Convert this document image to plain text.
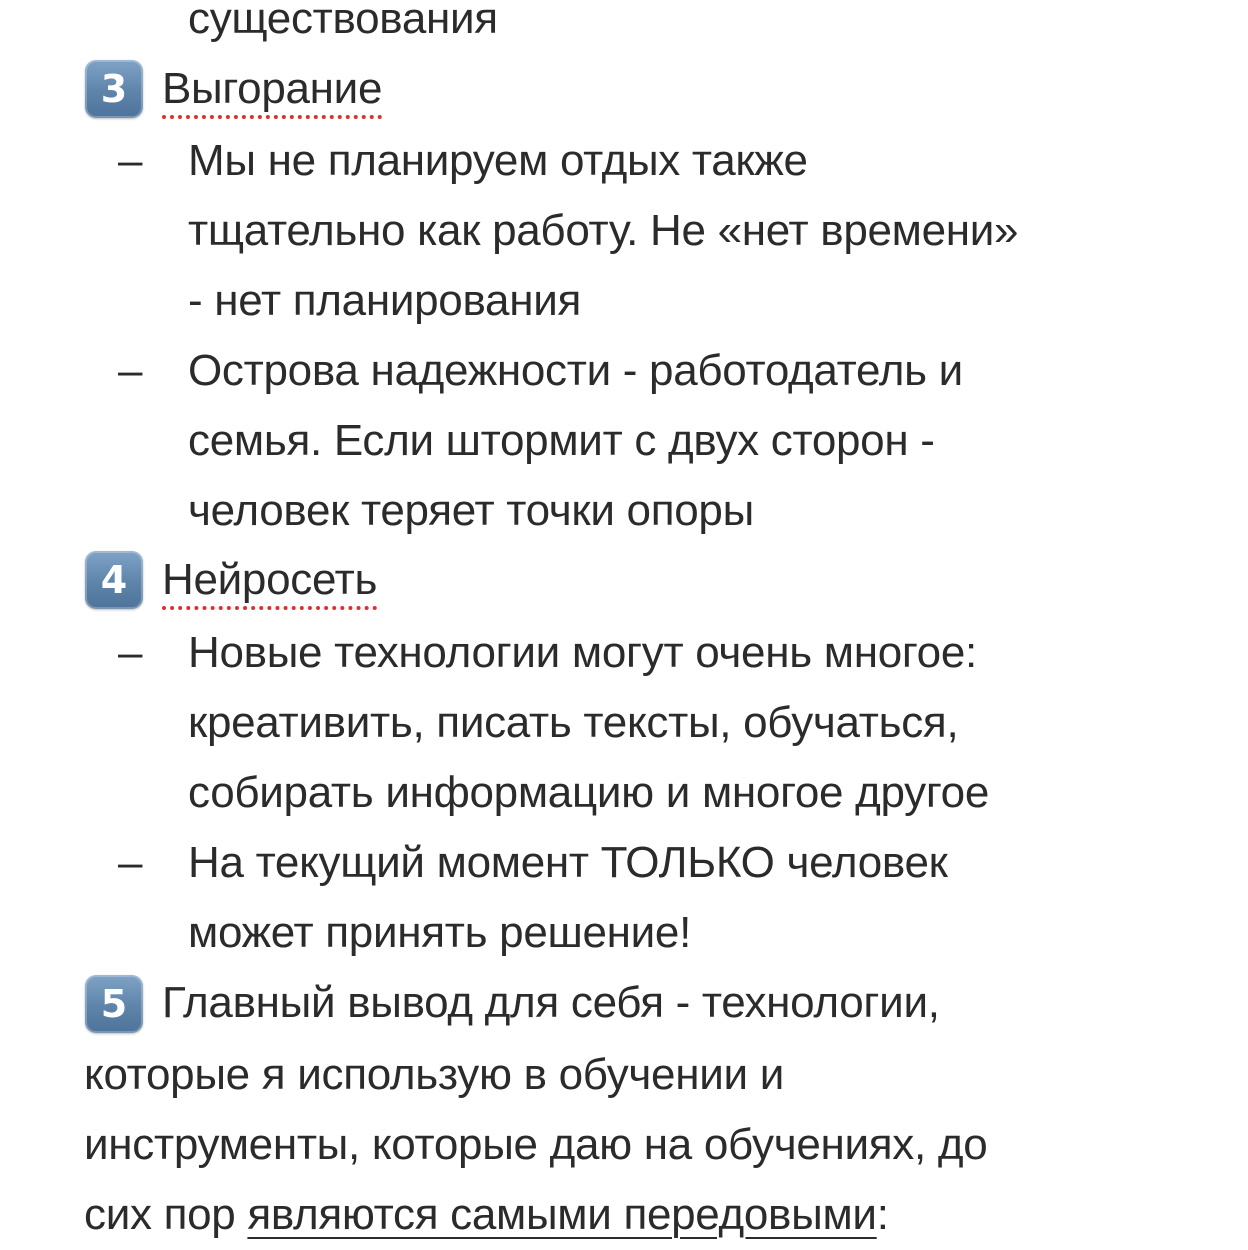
существования
3 Выгорание
– Мы не планируем отдых также
тщательно как работу. Не «нет времени»
- нет планирования
– Острова надежности - работодатель и
семья. Если штормит с двух сторон -
человек теряет точки опоры
4 Нейросеть
– Новые технологии могут очень многое:
креативить, писать тексты, обучаться,
собирать информацию и многое другое
– На текущий момент ТОЛЬКО человек
может принять решение!
5 Главный вывод для себя - технологии,
которые я использую в обучении и
инструменты, которые даю на обучениях, до
сих пор являются самыми передовыми:
